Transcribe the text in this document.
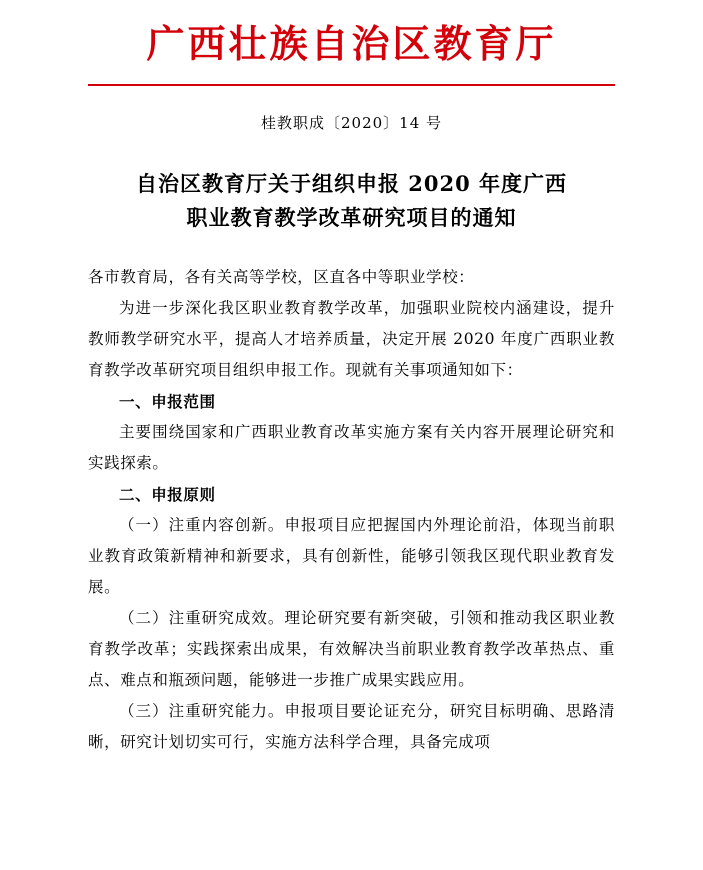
广西壮族自治区教育厅
桂教职成〔2020〕14 号
自治区教育厅关于组织申报 2020 年度广西
职业教育教学改革研究项目的通知

各市教育局，各有关高等学校，区直各中等职业学校：

为进一步深化我区职业教育教学改革，加强职业院校内涵建设，提升教师教学研究水平，提高人才培养质量，决定开展 2020 年度广西职业教育教学改革研究项目组织申报工作。现就有关事项通知如下：

一、申报范围

主要围绕国家和广西职业教育改革实施方案有关内容开展理论研究和实践探索。

二、申报原则

（一）注重内容创新。申报项目应把握国内外理论前沿，体现当前职业教育政策新精神和新要求，具有创新性，能够引领我区现代职业教育发展。

（二）注重研究成效。理论研究要有新突破，引领和推动我区职业教育教学改革；实践探索出成果，有效解决当前职业教育教学改革热点、重点、难点和瓶颈问题，能够进一步推广成果实践应用。

（三）注重研究能力。申报项目要论证充分，研究目标明确、思路清晰，研究计划切实可行，实施方法科学合理，具备完成项
